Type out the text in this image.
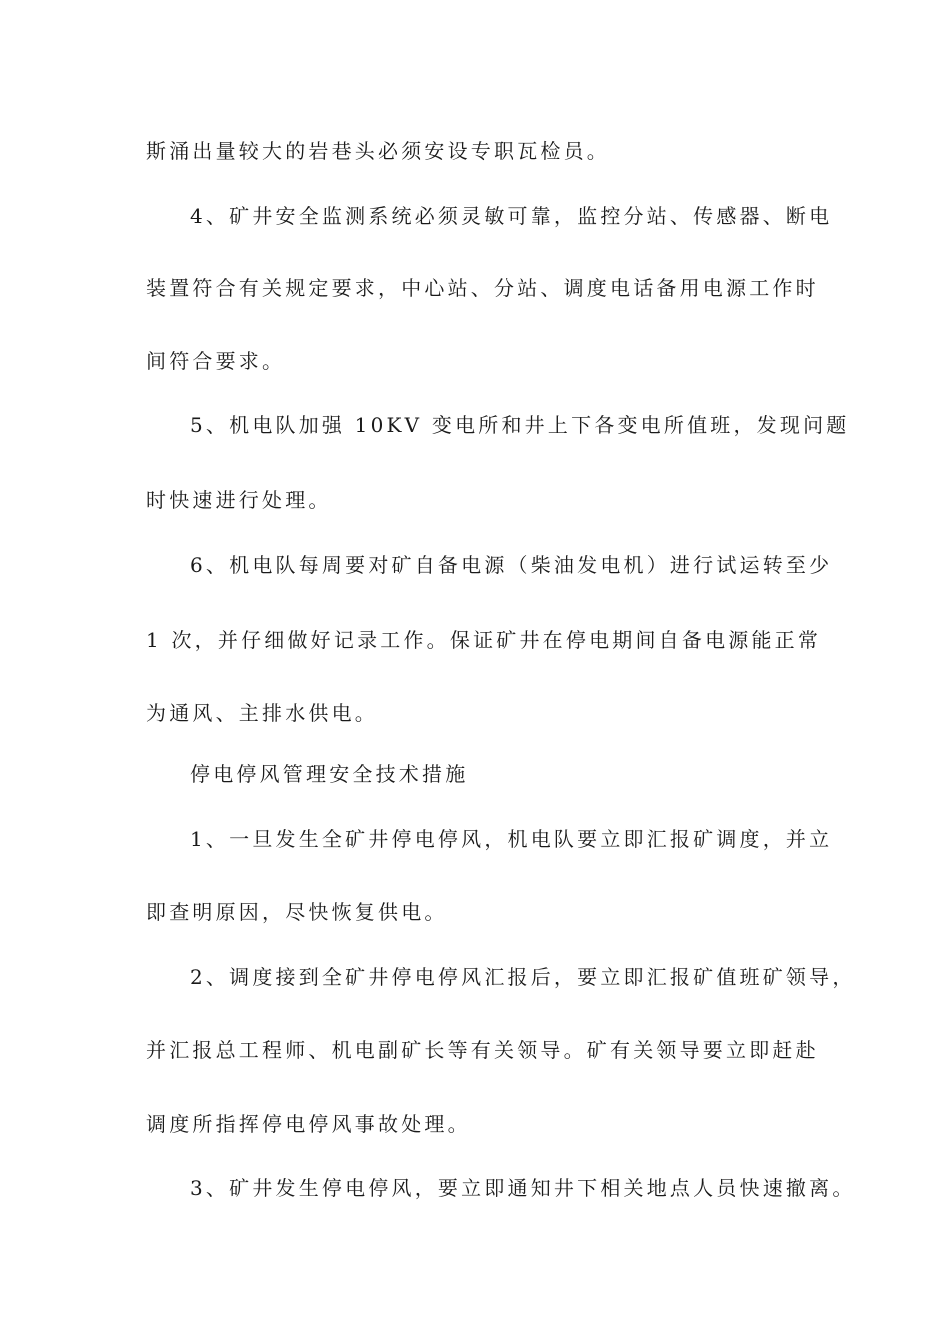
斯涌出量较大的岩巷头必须安设专职瓦检员。
4、矿井安全监测系统必须灵敏可靠，监控分站、传感器、断电
装置符合有关规定要求，中心站、分站、调度电话备用电源工作时
间符合要求。
5、机电队加强 10KV 变电所和井上下各变电所值班，发现问题
时快速进行处理。
6、机电队每周要对矿自备电源（柴油发电机）进行试运转至少
1 次，并仔细做好记录工作。保证矿井在停电期间自备电源能正常
为通风、主排水供电。
停电停风管理安全技术措施
1、一旦发生全矿井停电停风，机电队要立即汇报矿调度，并立
即查明原因，尽快恢复供电。
2、调度接到全矿井停电停风汇报后，要立即汇报矿值班矿领导，
并汇报总工程师、机电副矿长等有关领导。矿有关领导要立即赶赴
调度所指挥停电停风事故处理。
3、矿井发生停电停风，要立即通知井下相关地点人员快速撤离。
